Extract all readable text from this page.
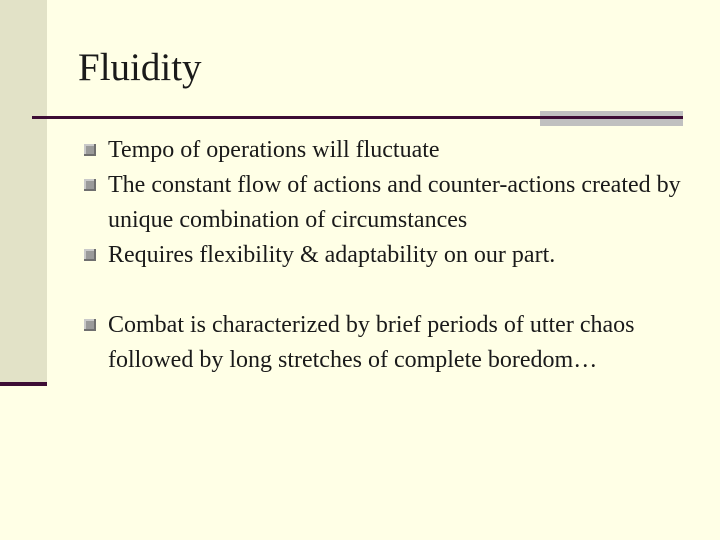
Fluidity
Tempo of operations will fluctuate
The constant flow of actions and counter-actions created by unique combination of circumstances
Requires flexibility & adaptability on our part.
Combat is characterized by brief periods of utter chaos followed by long stretches of complete boredom…
